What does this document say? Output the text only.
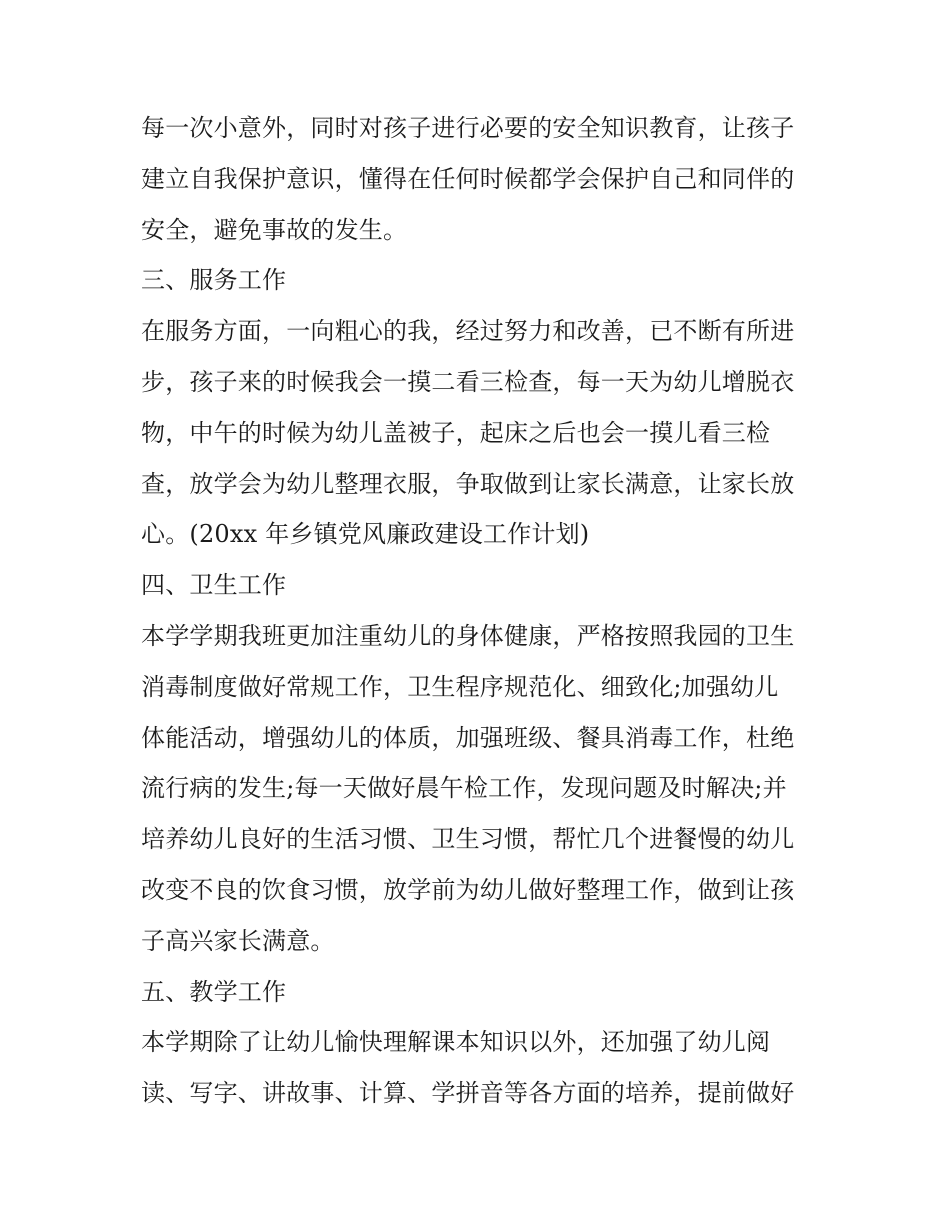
每一次小意外，同时对孩子进行必要的安全知识教育，让孩子
建立自我保护意识，懂得在任何时候都学会保护自己和同伴的
安全，避免事故的发生。
三、服务工作
在服务方面，一向粗心的我，经过努力和改善，已不断有所进
步，孩子来的时候我会一摸二看三检查，每一天为幼儿增脱衣
物，中午的时候为幼儿盖被子，起床之后也会一摸儿看三检
查，放学会为幼儿整理衣服，争取做到让家长满意，让家长放
心。(20xx 年乡镇党风廉政建设工作计划)
四、卫生工作
本学学期我班更加注重幼儿的身体健康，严格按照我园的卫生
消毒制度做好常规工作，卫生程序规范化、细致化;加强幼儿
体能活动，增强幼儿的体质，加强班级、餐具消毒工作，杜绝
流行病的发生;每一天做好晨午检工作，发现问题及时解决;并
培养幼儿良好的生活习惯、卫生习惯，帮忙几个进餐慢的幼儿
改变不良的饮食习惯，放学前为幼儿做好整理工作，做到让孩
子高兴家长满意。
五、教学工作
本学期除了让幼儿愉快理解课本知识以外，还加强了幼儿阅
读、写字、讲故事、计算、学拼音等各方面的培养，提前做好
